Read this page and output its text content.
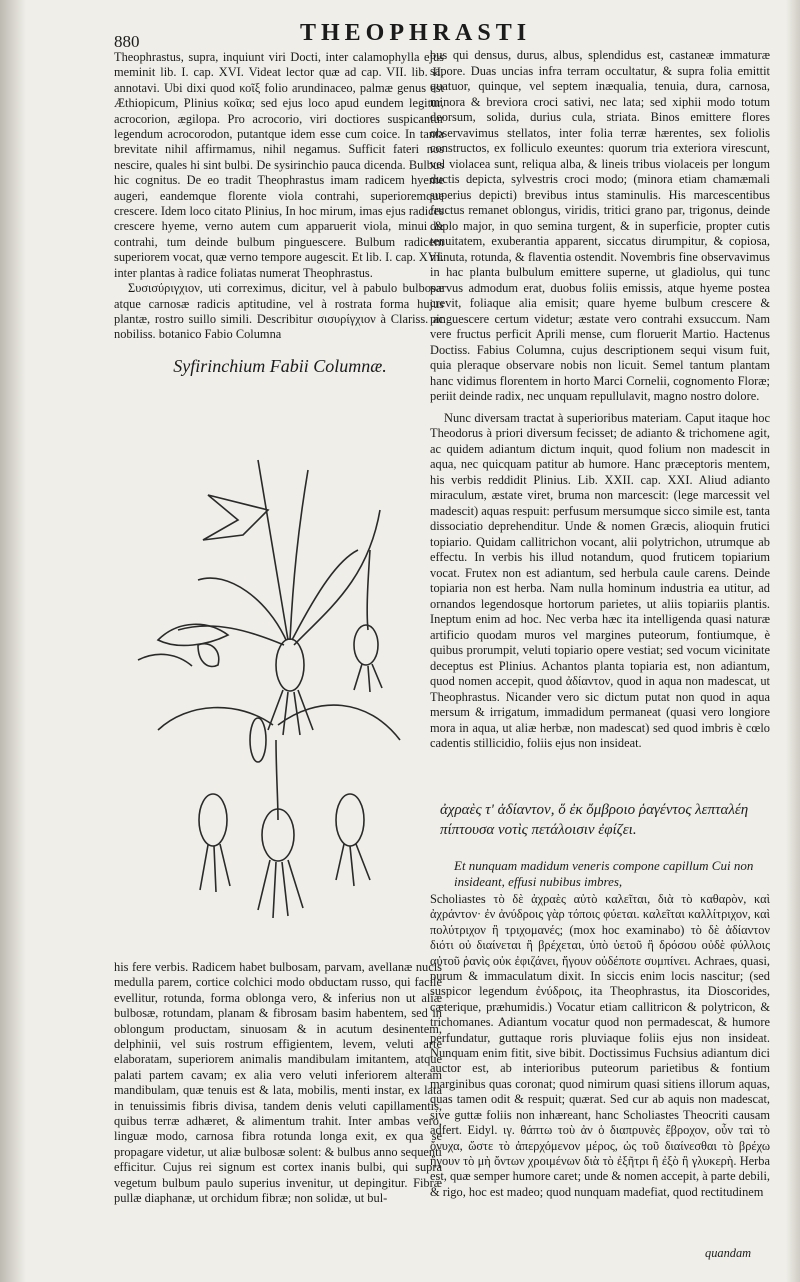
880	THEOPHRASTI

Theophrastus, supra, inquiunt viri Docti, inter calamophylla ejus meminit lib. I. cap. XVI. Videat lector quæ ad cap. VII. lib. II. annotavi. Ubi dixi quod κοῖξ folio arundinaceo, palmæ genus est Æthiopicum, Plinius κοῖκα; sed ejus loco apud eundem legitur, acrocorion, ægilopa. Pro acrocorio, viri doctiores suspicantur legendum acrocorodon, putantque idem esse cum coice. In tanta brevitate nihil affirmamus, nihil negamus. Sufficit fateri nos nescire, quales hi sint bulbi. De sysirinchio pauca dicenda. Bulbus hic cognitus. De eo tradit Theophrastus imam radicem hyeme augeri, eandemque florente viola contrahi, superioremque crescere. Idem loco citato Plinius, In hoc mirum, imas ejus radices crescere hyeme, verno autem cum apparuerit viola, minui & contrahi, tum deinde bulbum pinguescere. Bulbum radicem superiorem vocat, quæ verno tempore augescit. Et lib. I. cap. XVI. inter plantas à radice foliatas numerat Theophrastus.

Συσισύριγχιον, uti correximus, dicitur, vel à pabulo bulbosæ atque carnosæ radicis aptitudine, vel à rostrata forma hujus plantæ, rostro suillo simili. Describitur σισυρίγχιον à Clariss. ac nobiliss. botanico Fabio Columna

Syfirinchium Fabii Columnæ.

his fere verbis. Radicem habet bulbosam, parvam, avellanæ nucis medulla parem, cortice colchici modo obductam russo, qui facile evellitur, rotunda, forma oblonga vero, & inferius non ut aliæ bulbosæ, rotundam, planam & fibrosam basim habentem, sed in oblongum productam, sinuosam & in acutum desinentem, delphinii, vel suis rostrum effigientem, levem, veluti arte elaboratam, superiorem animalis mandibulam imitantem, atque palati partem cavam; ex alia vero veluti inferiorem alteram mandibulam, quæ tenuis est & lata, mobilis, menti instar, ex lata in tenuissimis fibris divisa, tandem denis veluti capillamentis, quibus terræ adhæret, & alimentum trahit. Inter ambas vero, linguæ modo, carnosa fibra rotunda longa exit, ex qua se propagare videtur, ut aliæ bulbosæ solent: & bulbus anno sequenti efficitur. Cujus rei signum est cortex inanis bulbi, qui supra vegetum bulbum paulo superius invenitur, ut depingitur. Fibræ pullæ diaphanæ, ut orchidum fibræ; non solidæ, ut bul-

bus qui densus, durus, albus, splendidus est, castaneæ immaturæ sapore. Duas uncias infra terram occultatur, & supra folia emittit quatuor, quinque, vel septem inæqualia, tenuia, dura, carnosa, minora & breviora croci sativi, nec lata; sed xiphii modo totum deorsum, solida, durius cula, striata. Binos emittere flores observavimus stellatos, inter folia terræ hærentes, sex foliolis constructos, ex folliculo exeuntes: quorum tria exteriora virescunt, vel violacea sunt, reliqua alba, & lineis tribus violaceis per longum ductis depicta, sylvestris croci modo; (minora etiam chamæmali superius depicti) brevibus intus staminulis. His marcescentibus fructus remanet oblongus, viridis, tritici grano par, trigonus, deinde duplo major, in quo semina turgent, & in superficie, propter cutis tenuitatem, exuberantia apparent, siccatus dirumpitur, & copiosa, minuta, rotunda, & flaventia ostendit. Novembris fine observavimus in hac planta bulbulum emittere superne, ut gladiolus, qui tunc parvus admodum erat, duobus foliis emissis, atque hyeme postea crevit, foliaque alia emisit; quare hyeme bulbum crescere & pinguescere certum videtur; æstate vero contrahi exsuccum. Nam vere fructus perficit Aprili mense, cum floruerit Martio. Hactenus Doctiss. Fabius Columna, cujus descriptionem sequi visum fuit, quia pleraque observare nobis non licuit. Semel tantum plantam hanc vidimus florentem in horto Marci Cornelii, cognomento Floræ; periit deinde radix, nec unquam repullulavit, magno nostro dolore.

Nunc diversam tractat à superioribus materiam. Caput itaque hoc Theodorus à priori diversum fecisset; de adianto & trichomene agit, ac quidem adiantum dictum inquit, quod folium non madescit in aqua, nec quicquam patitur ab humore. Hanc præceptoris mentem, his verbis reddidit Plinius. Lib. XXII. cap. XXI. Aliud adianto miraculum, æstate viret, bruma non marcescit: (lege marcessit vel madescit) aquas respuit: perfusum mersumque sicco simile est, tanta dissociatio deprehenditur. Unde & nomen Græcis, alioquin frutici topiario. Quidam callitrichon vocant, alii polytrichon, utrumque ab effectu. In verbis his illud notandum, quod fruticem topiarium vocat. Frutex non est adiantum, sed herbula caule carens. Deinde topiaria non est herba. Nam nulla hominum industria ea utitur, ad ornandos legendosque hortorum parietes, ut aliis topiariis plantis. Ineptum enim ad hoc. Nec verba hæc ita intelligenda quasi naturæ artificio quodam muros vel margines puteorum, fontiumque, è quibus prorumpit, veluti topiario opere vestiat; sed vocum vicinitate deceptus est Plinius. Achantos planta topiaria est, non adiantum, quod nomen accepit, quod ἀδίαντον, quod in aqua non madescat, ut Theophrastus. Nicander vero sic dictum putat non quod in aqua mersum & irrigatum, immadidum permaneat (quasi vero longiore mora in aqua, ut aliæ herbæ, non madescat) sed quod imbris è cœlo cadentis stillicidio, foliis ejus non insideat.

ἀχραὲς τ' ἀδίαντον, ὅ ἐκ ὄμβροιο ῥαγέντος λεπταλέη πίπτουσα νοτὶς πετάλοισιν ἐφίζει.
Et nunquam madidum veneris compone capillum Cui non insideant, effusi nubibus imbres,

Scholiastes τὸ δὲ ἀχραὲς αὐτὸ καλεῖται, διὰ τὸ καθαρὸν, καὶ ἀχράντον· ἐν ἀνύδροις γὰρ τόποις φύεται. καλεῖται καλλίτριχον, καὶ πολύτριχον ἢ τριχομανές; (mox hoc examinabo) τὸ δὲ ἀδίαντον διότι οὐ διαίνεται ἢ βρέχεται, ὑπὸ ὑετοῦ ἢ δρόσου οὐδὲ φύλλοις αὐτοῦ ῥανὶς οὐκ ἐφιζάνει, ἤγουν οὐδέποτε συμπίνει. Achraes, quasi, purum & immaculatum dixit. In siccis enim locis nascitur; (sed suspicor legendum ἐνύδροις, ita Theophrastus, ita Dioscorides, cæterique, præhumidis.) Vocatur etiam callitricon & polytricon, & trichomanes. Adiantum vocatur quod non permadescat, & humore perfundatur, guttaque roris pluviaque foliis ejus non insideat. Nunquam enim fitit, sive bibit. Doctissimus Fuchsius adiantum dici auctor est, ab interioribus puteorum parietibus & fontium marginibus quas coronat; quod nimirum quasi sitiens illorum aquas, quas tamen odit & respuit; quærat. Sed cur ab aquis non madescat, sive guttæ foliis non inhæreant, hanc Scholiastes Theocriti causam adfert. Eidyl. ιγ. θάπτω τοὺ ἀν ὁ διαπρυνὲς ἔβροχον, οὗν ταὶ τὸ ὄνυχα, ὥστε τὸ ἀπερχόμενον μέρος, ὡς τοῦ διαίνεσθαι τὸ βρέχω ἤγουν τὸ μὴ ὄντων χροιμένων διὰ τὸ ἐξῆτρι ἢ ἐξὸ ἢ γλυκερὴ. Herba est, quæ semper humore caret; unde & nomen accepit, à parte debili, & rigo, hoc est madeo; quod nunquam madefiat, quod rectitudinem

quandam
